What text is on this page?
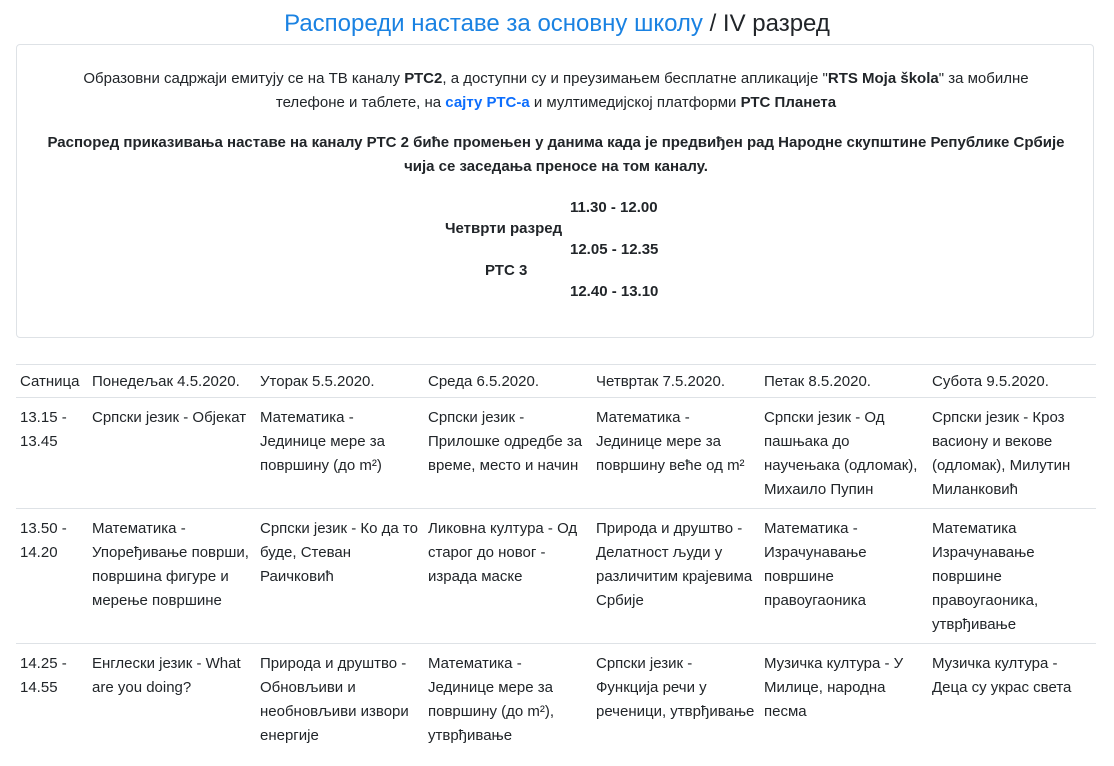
Распореди наставе за основну школу / IV разред

Образовни садржаји емитују се на ТВ каналу РТС2, а доступни су и преузимањем бесплатне апликације "RTS Moja škola" за мобилне телефоне и таблете, на сајту РТС-а и мултимедијској платформи РТС Планета

Распоред приказивања наставе на каналу РТС 2 биће промењен у данима када је предвиђен рад Народне скупштине Републике Србије чија се заседања преносе на том каналу.

11.30 - 12.00
Четврти разред
12.05 - 12.35
РТС 3
12.40 - 13.10
Сатница	Понедељак 4.5.2020.	Уторак 5.5.2020.	Среда 6.5.2020.	Четвртак 7.5.2020.	Петак 8.5.2020.	Субота 9.5.2020.
13.15 - 13.45	Српски језик - Објекат	Математика - Јединице мере за површину (до m²)	Српски језик - Прилошке одредбе за време, место и начин	Математика - Јединице мере за површину веће од m²	Српски језик - Од пашњака до научењака (одломак), Михаило Пупин	Српски језик - Кроз васиону и векове (одломак), Милутин Миланковић
13.50 - 14.20	Математика - Упоређивање површи, површина фигуре и мерење површине	Српски језик - Ко да то буде, Стеван Раичковић	Ликовна култура - Од старог до новог - израда маске	Природа и друштво - Делатност људи у различитим крајевима Србије	Математика - Израчунавање површине правоугаоника	Математика Израчунавање површине правоугаоника, утврђивање
14.25 - 14.55	Енглески језик - What are you doing?	Природа и друштво - Обновљиви и необновљиви извори енергије	Математика - Јединице мере за површину (до m²), утврђивање	Српски језик - Функција речи у реченици, утврђивање	Музичка култура - У Милице, народна песма	Музичка култура - Деца су украс света
